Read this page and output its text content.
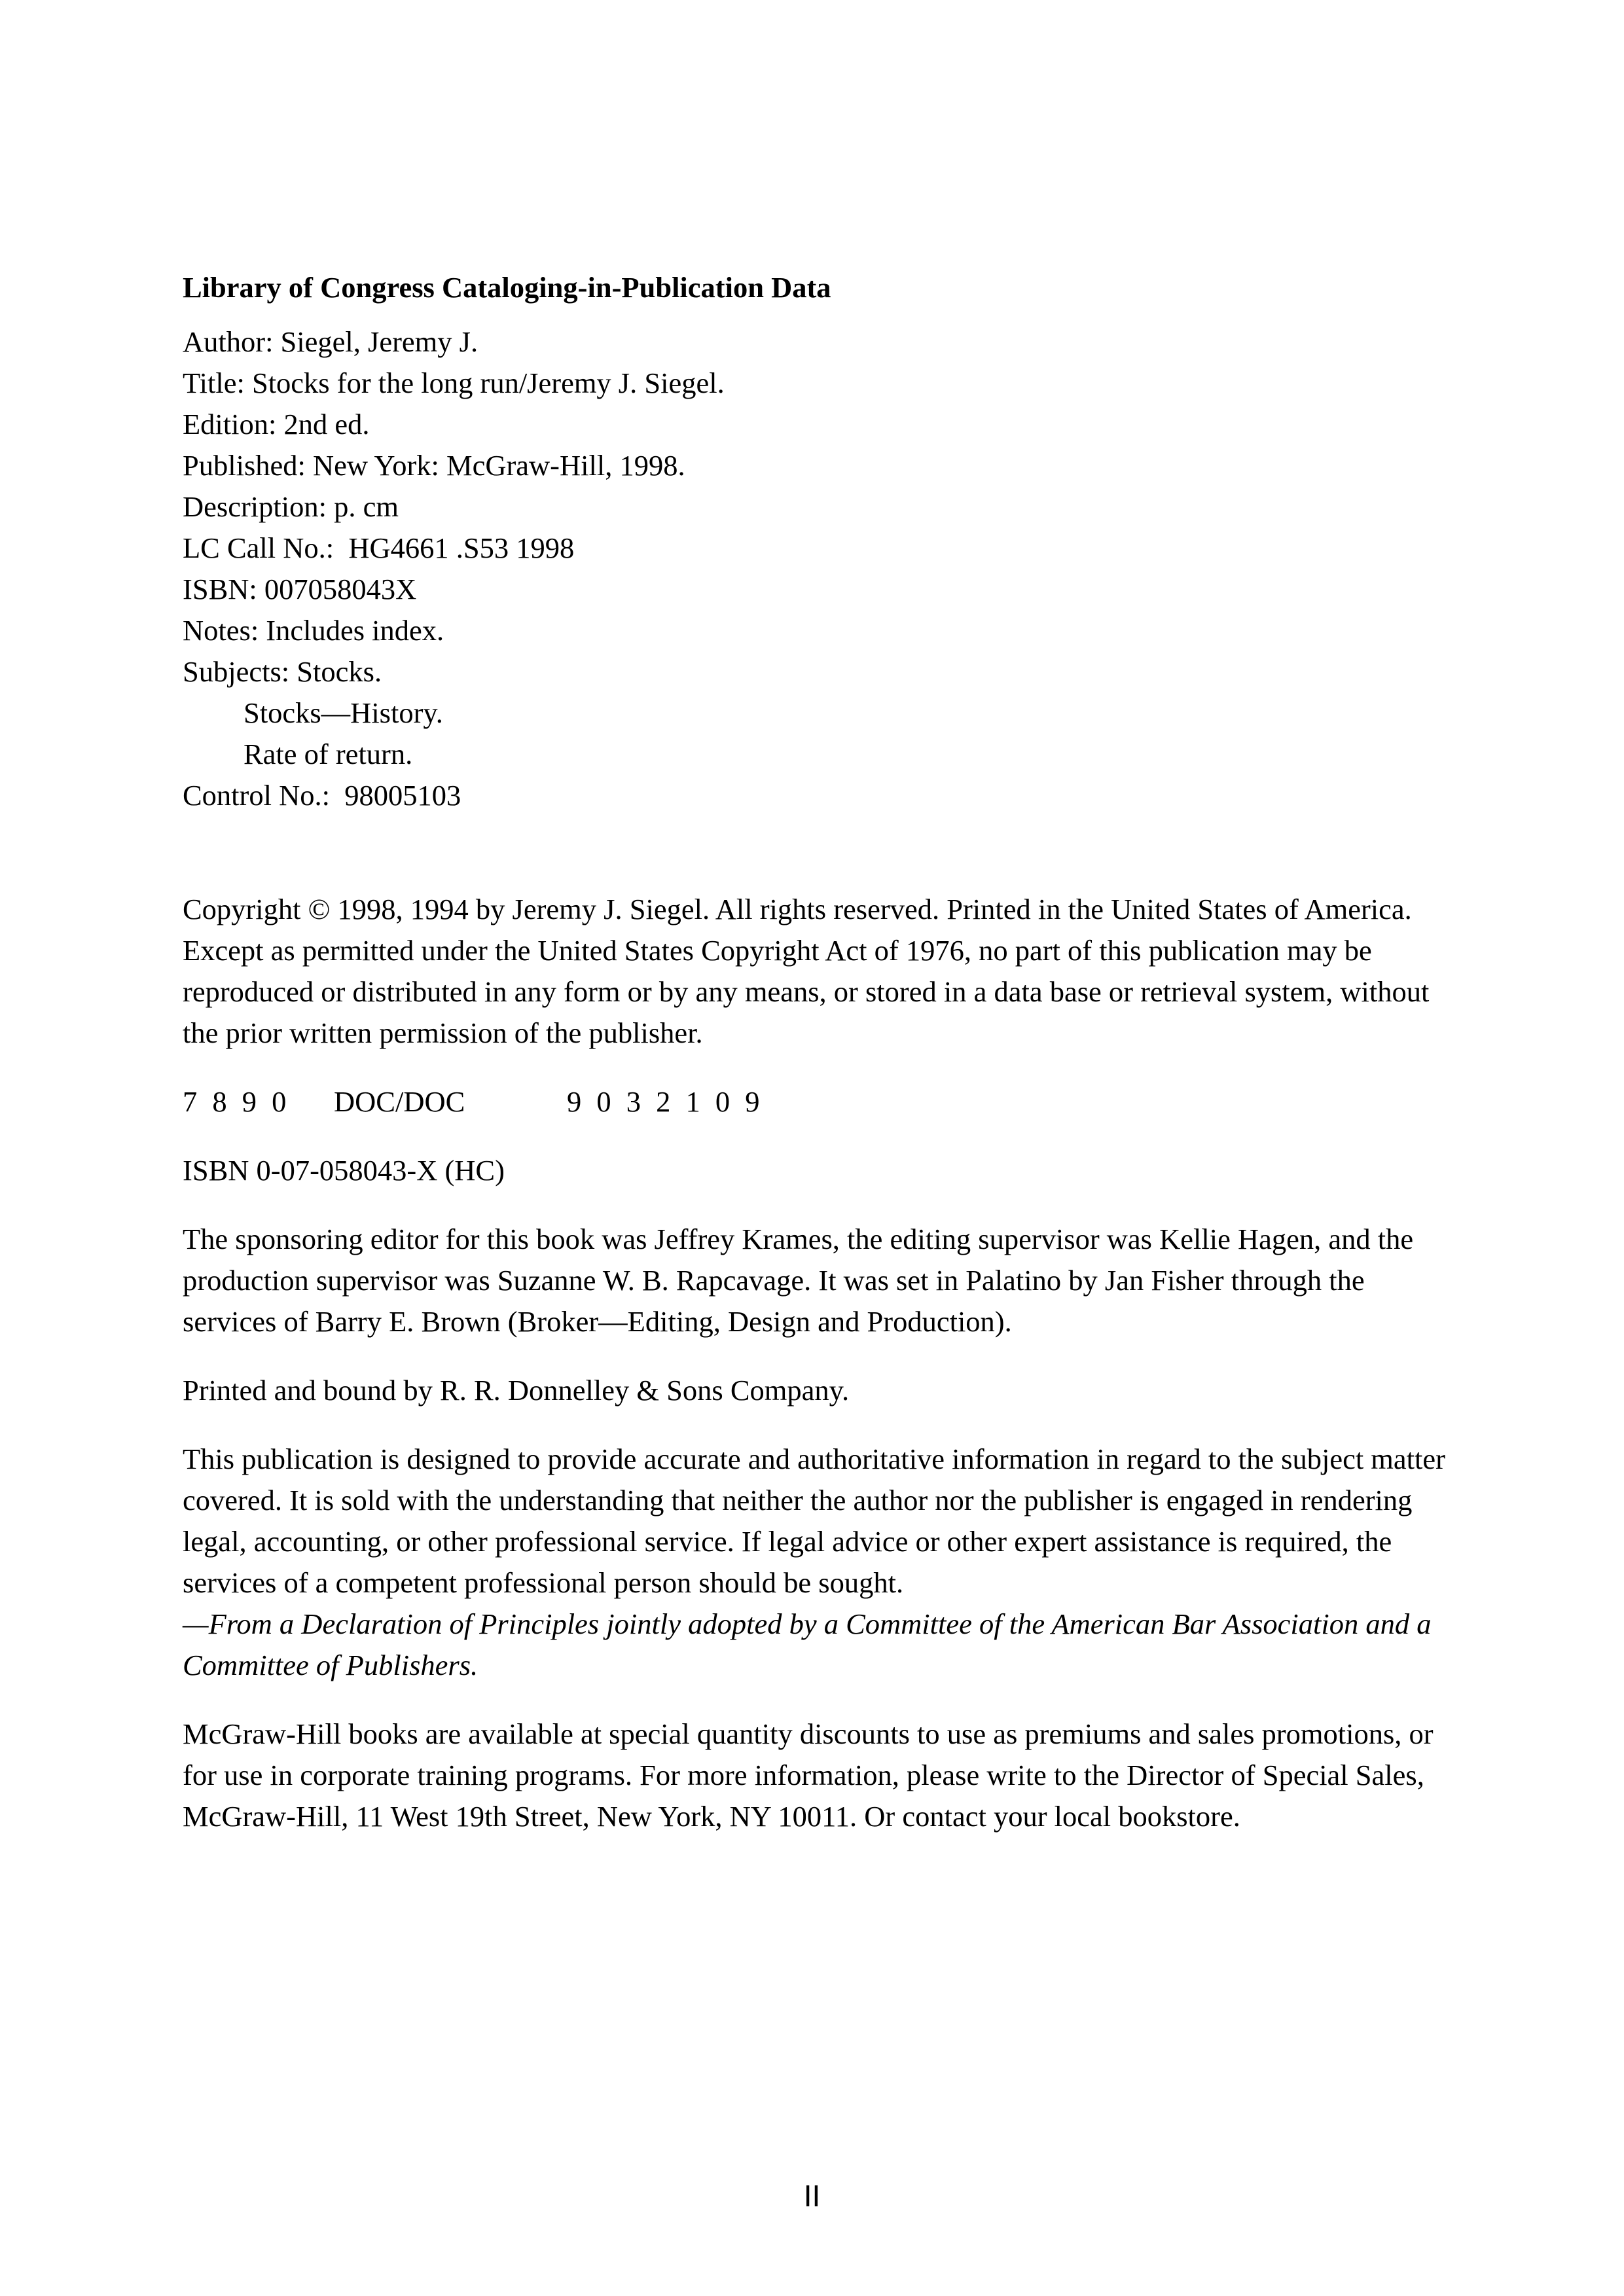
Library of Congress Cataloging-in-Publication Data

Author: Siegel, Jeremy J.

Title: Stocks for the long run/Jeremy J. Siegel.

Edition: 2nd ed.

Published: New York: McGraw-Hill, 1998.

Description: p. cm

LC Call No.:  HG4661 .S53 1998

ISBN: 007058043X

Notes: Includes index.

Subjects: Stocks.

Stocks—History.

Rate of return.

Control No.:  98005103

Copyright © 1998, 1994 by Jeremy J. Siegel. All rights reserved. Printed in the United States of America. Except as permitted under the United States Copyright Act of 1976, no part of this publication may be reproduced or distributed in any form or by any means, or stored in a data base or retrieval system, without the prior written permission of the publisher.

7 8 9 0 DOC/DOC	9 0 3 2 1 0 9

ISBN 0-07-058043-X (HC)

The sponsoring editor for this book was Jeffrey Krames, the editing supervisor was Kellie Hagen, and the production supervisor was Suzanne W. B. Rapcavage. It was set in Palatino by Jan Fisher through the services of Barry E. Brown (Broker—Editing, Design and Production).

Printed and bound by R. R. Donnelley & Sons Company.

This publication is designed to provide accurate and authoritative information in regard to the subject matter covered. It is sold with the understanding that neither the author nor the publisher is engaged in rendering legal, accounting, or other professional service. If legal advice or other expert assistance is required, the services of a competent professional person should be sought.

—From a Declaration of Principles jointly adopted by a Committee of the American Bar Association and a Committee of Publishers.

McGraw-Hill books are available at special quantity discounts to use as premiums and sales promotions, or for use in corporate training programs. For more information, please write to the Director of Special Sales, McGraw-Hill, 11 West 19th Street, New York, NY 10011. Or contact your local bookstore.

II
